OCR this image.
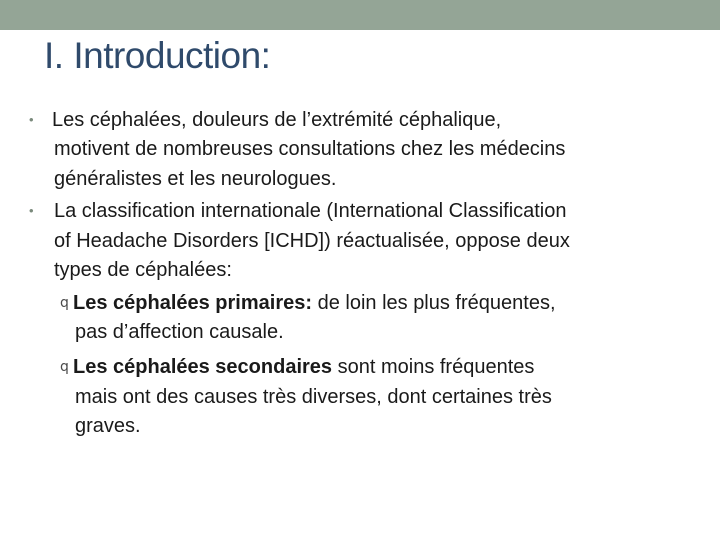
I. Introduction:
• Les céphalées, douleurs de l’extrémité céphalique,
motivent de nombreuses consultations chez les médecins
généralistes et les neurologues.
• La classification internationale (International Classification
of Headache Disorders [ICHD]) réactualisée, oppose deux
types de céphalées:
q Les céphalées primaires: de loin les plus fréquentes,
pas d’affection causale.
q Les céphalées secondaires sont moins fréquentes
mais ont des causes très diverses, dont certaines très
graves.
